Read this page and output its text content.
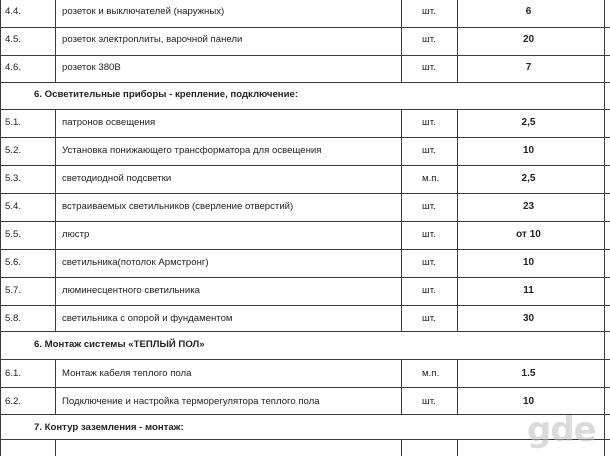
4.4.	розеток и выключателей (наружных)	шт.	6
4.5.	розеток электроплиты, варочной панели	шт.	20
4.6.	розеток 380В	шт.	7
6. Осветительные приборы - крепление, подключение:
5.1.	патронов освещения	шт.	2,5
5.2.	Установка понижающего трансформатора для освещения	шт.	10
5.3.	светодиодной подсветки	м.п.	2,5
5.4.	встраиваемых светильников (сверление отверстий)	шт.	23
5.5.	люстр	шт.	от 10
5.6.	светильника(потолок Армстронг)	шт.	10
5.7.	люминесцентного светильника	шт.	11
5.8.	светильника с опорой и фундаментом	шт.	30
6. Монтаж системы «ТЕПЛЫЙ ПОЛ»
6.1.	Монтаж кабеля теплого пола	м.п.	1.5
6.2.	Подключение и настройка терморегулятора теплого пола	шт.	10
7. Контур заземления - монтаж:	gde
